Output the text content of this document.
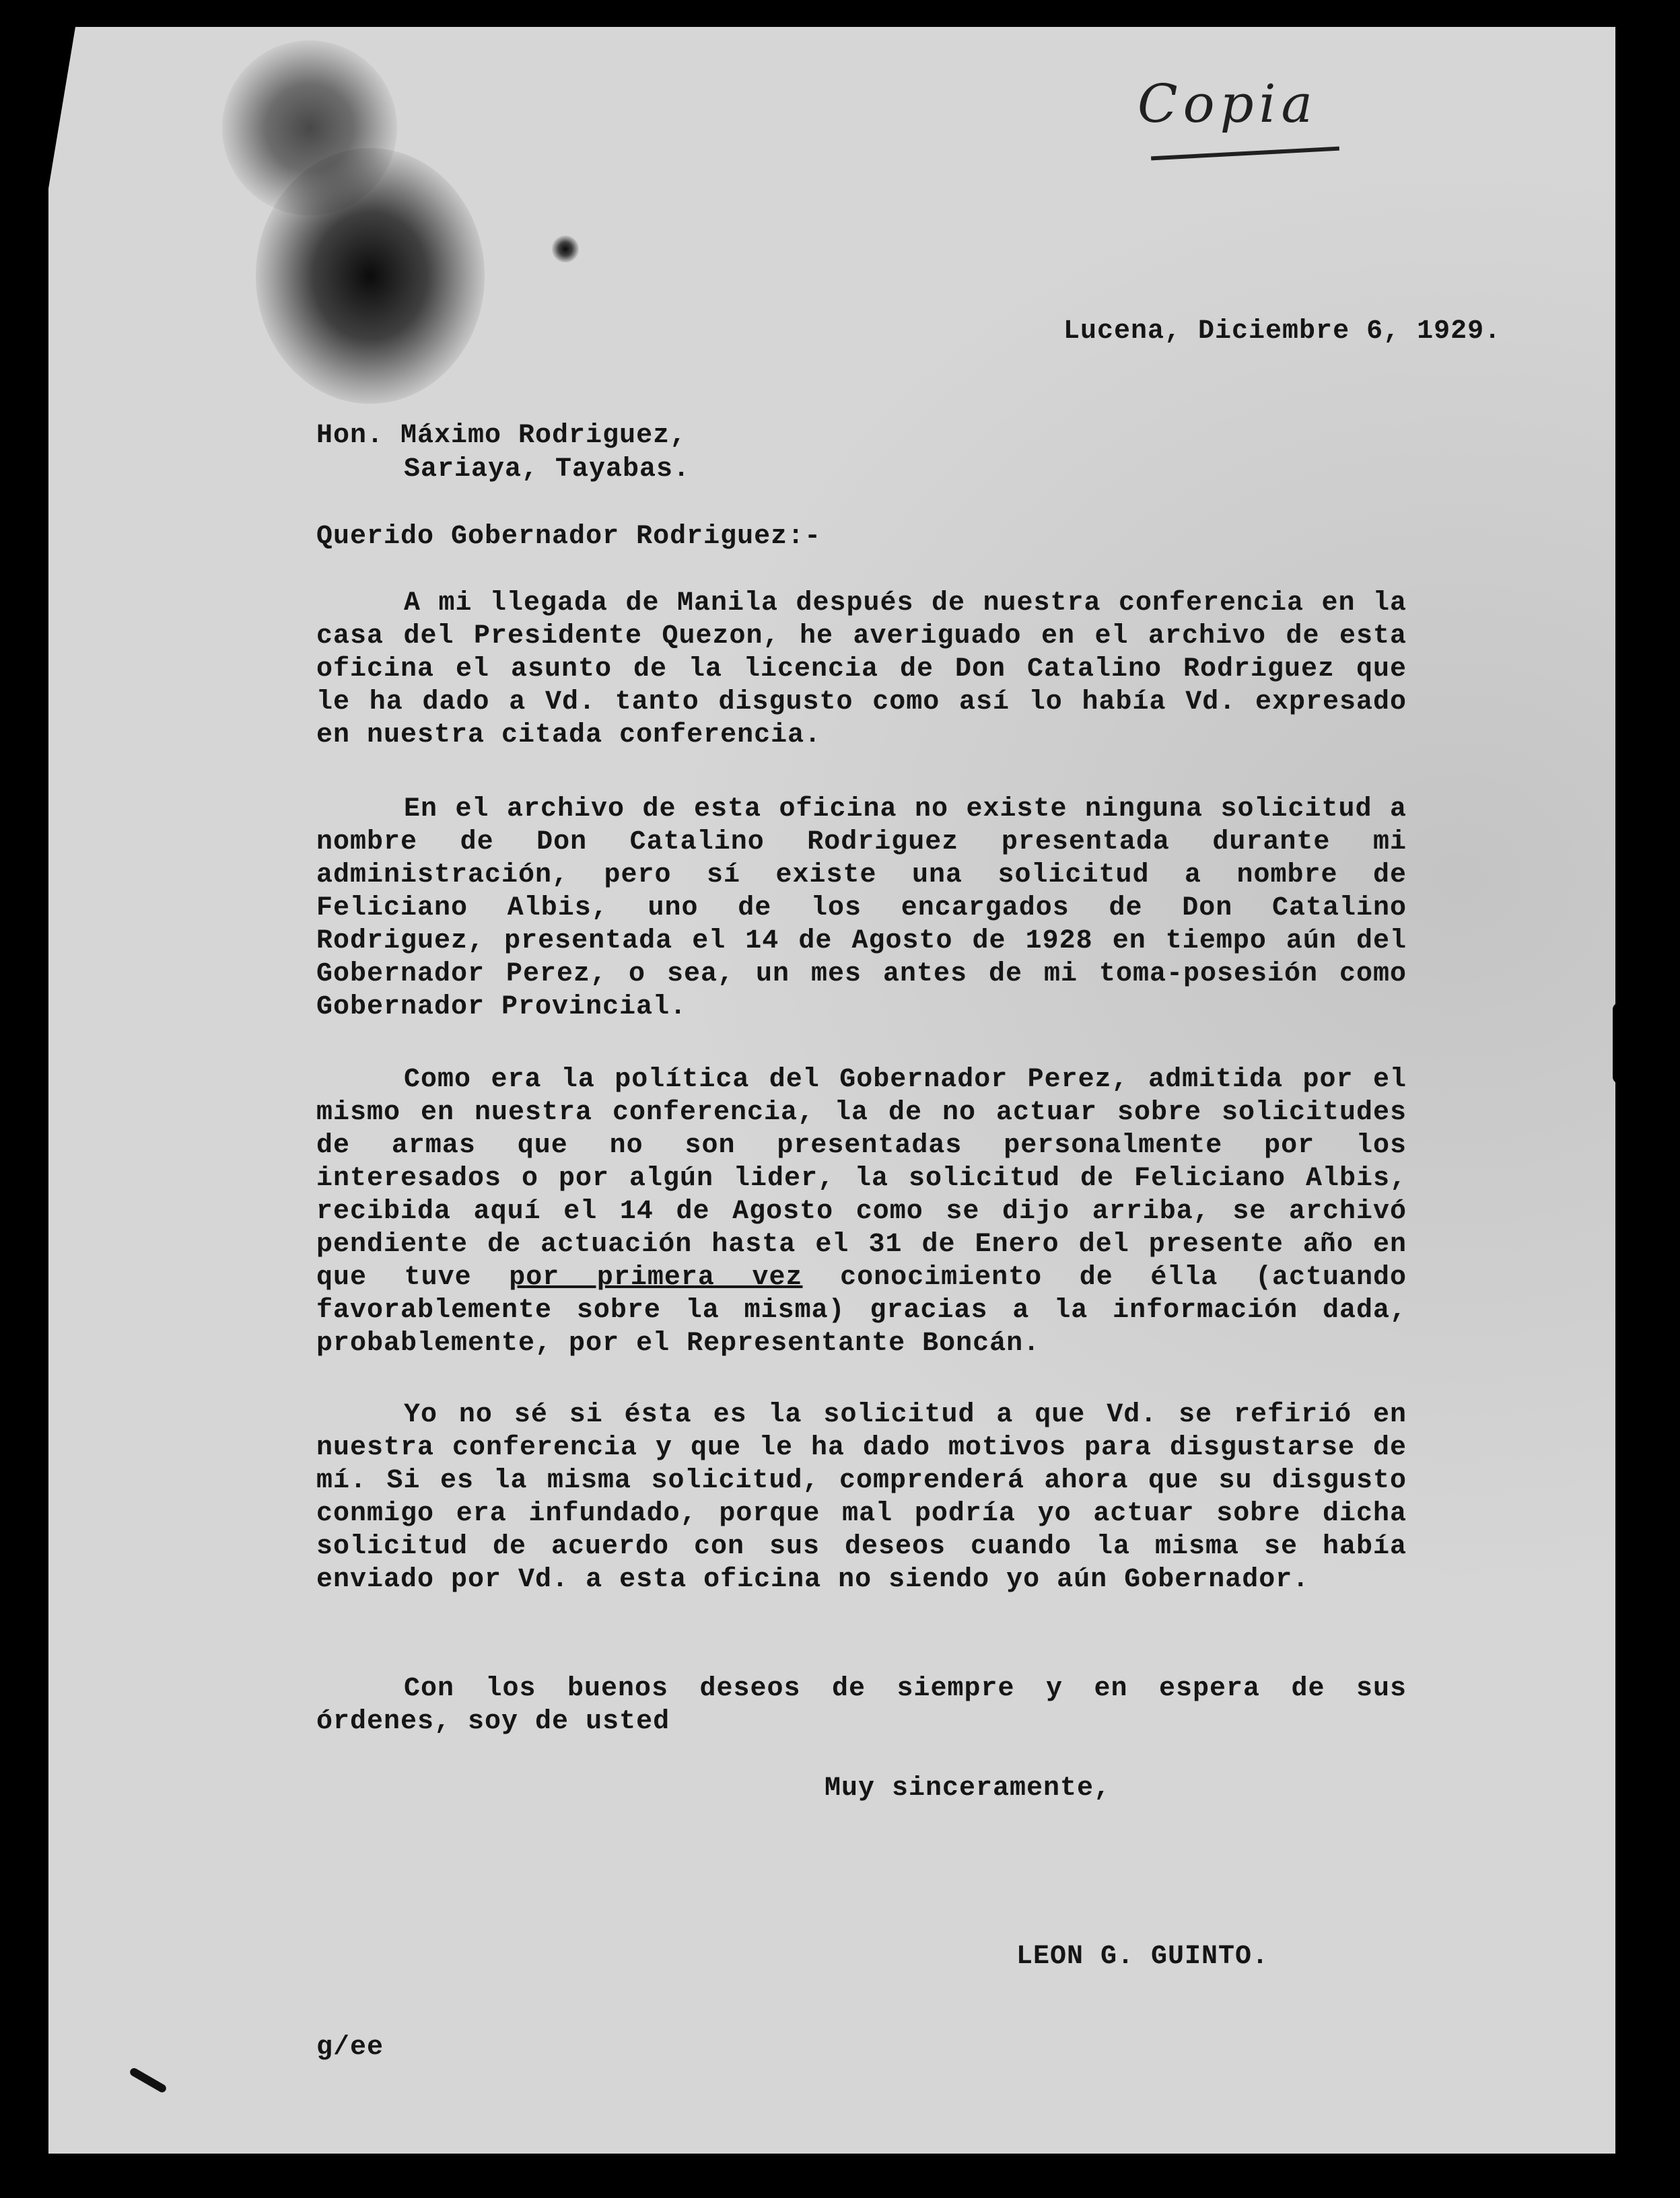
Copia
Lucena, Diciembre 6, 1929.
Hon. Máximo Rodriguez,
Sariaya, Tayabas.
Querido Gobernador Rodriguez:-

A mi llegada de Manila después de nuestra conferencia en la casa del Presidente Quezon, he averiguado en el archivo de esta oficina el asunto de la licencia de Don Catalino Rodriguez que le ha dado a Vd. tanto disgusto como así lo había Vd. expresado en nuestra citada conferencia.

En el archivo de esta oficina no existe ninguna solicitud a nombre de Don Catalino Rodriguez presentada durante mi administración, pero sí existe una solicitud a nombre de Feliciano Albis, uno de los encargados de Don Catalino Rodriguez, presentada el 14 de Agosto de 1928 en tiempo aún del Gobernador Perez, o sea, un mes antes de mi toma-posesión como Gobernador Provincial.

Como era la política del Gobernador Perez, admitida por el mismo en nuestra conferencia, la de no actuar sobre solicitudes de armas que no son presentadas personalmente por los interesados o por algún lider, la solicitud de Feliciano Albis, recibida aquí el 14 de Agosto como se dijo arriba, se archivó pendiente de actuación hasta el 31 de Enero del presente año en que tuve por primera vez conocimiento de élla (actuando favorablemente sobre la misma) gracias a la información dada, probablemente, por el Representante Boncán.

Yo no sé si ésta es la solicitud a que Vd. se refirió en nuestra conferencia y que le ha dado motivos para disgustarse de mí. Si es la misma solicitud, comprenderá ahora que su disgusto conmigo era infundado, porque mal podría yo actuar sobre dicha solicitud de acuerdo con sus deseos cuando la misma se había enviado por Vd. a esta oficina no siendo yo aún Gobernador.

Con los buenos deseos de siempre y en espera de sus órdenes, soy de usted

Muy sinceramente,
LEON G. GUINTO.
g/ee
